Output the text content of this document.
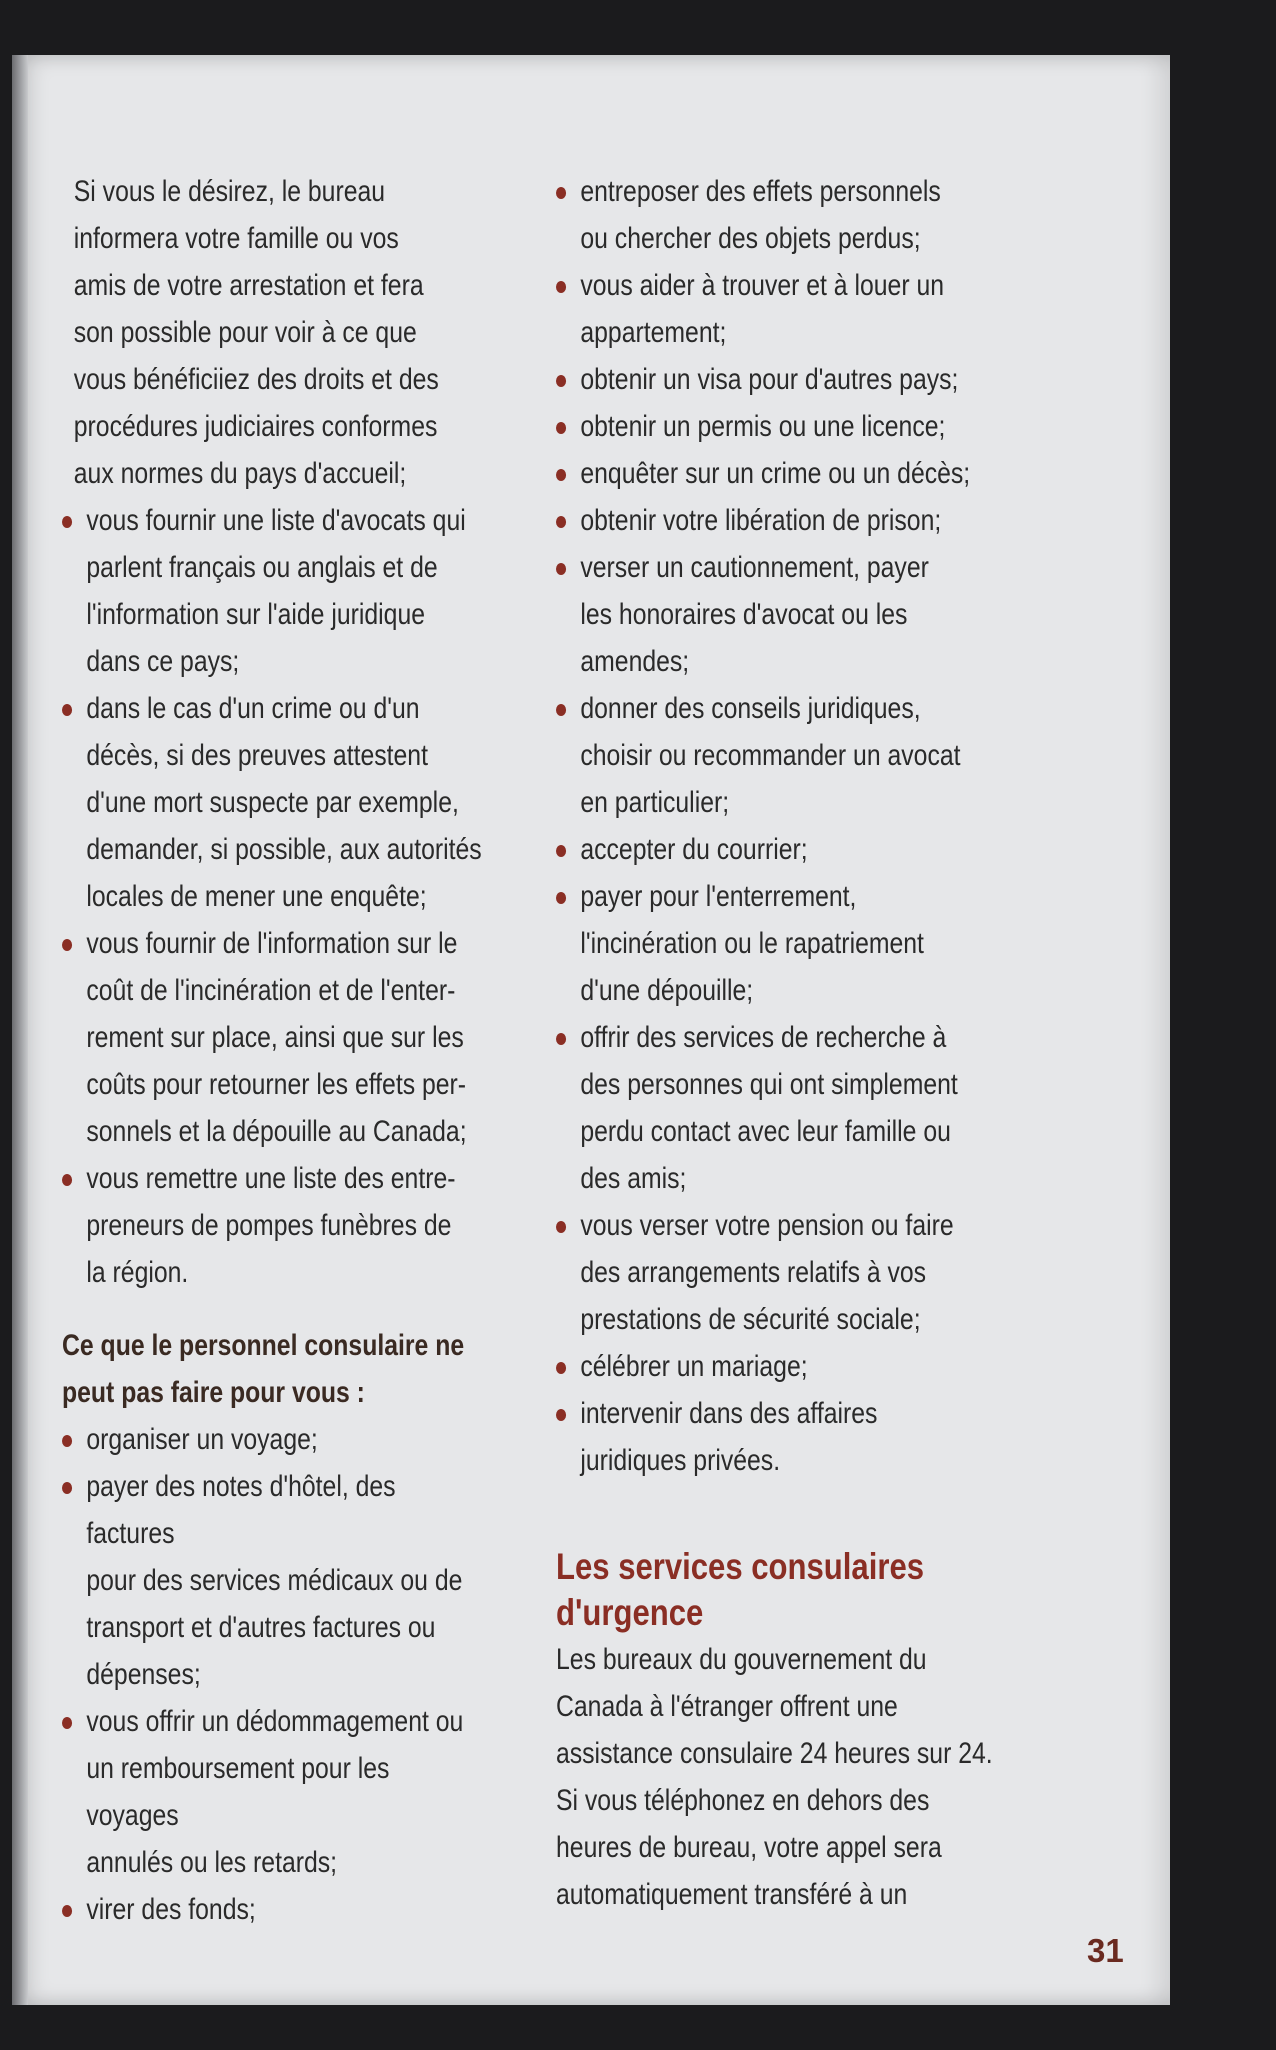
Si vous le désirez, le bureau
informera votre famille ou vos
amis de votre arrestation et fera
son possible pour voir à ce que
vous bénéficiiez des droits et des
procédures judiciaires conformes
aux normes du pays d'accueil;

vous fournir une liste d'avocats qui
parlent français ou anglais et de
l'information sur l'aide juridique
dans ce pays;
dans le cas d'un crime ou d'un
décès, si des preuves attestent
d'une mort suspecte par exemple,
demander, si possible, aux autorités
locales de mener une enquête;
vous fournir de l'information sur le
coût de l'incinération et de l'enter-
rement sur place, ainsi que sur les
coûts pour retourner les effets per-
sonnels et la dépouille au Canada;
vous remettre une liste des entre-
preneurs de pompes funèbres de
la région.

Ce que le personnel consulaire ne
peut pas faire pour vous :

organiser un voyage;
payer des notes d'hôtel, des factures
pour des services médicaux ou de
transport et d'autres factures ou
dépenses;
vous offrir un dédommagement ou
un remboursement pour les voyages
annulés ou les retards;
virer des fonds;
entreposer des effets personnels
ou chercher des objets perdus;
vous aider à trouver et à louer un
appartement;
obtenir un visa pour d'autres pays;
obtenir un permis ou une licence;
enquêter sur un crime ou un décès;
obtenir votre libération de prison;
verser un cautionnement, payer
les honoraires d'avocat ou les
amendes;
donner des conseils juridiques,
choisir ou recommander un avocat
en particulier;
accepter du courrier;
payer pour l'enterrement,
l'incinération ou le rapatriement
d'une dépouille;
offrir des services de recherche à
des personnes qui ont simplement
perdu contact avec leur famille ou
des amis;
vous verser votre pension ou faire
des arrangements relatifs à vos
prestations de sécurité sociale;
célébrer un mariage;
intervenir dans des affaires
juridiques privées.
Les services consulaires
d'urgence

Les bureaux du gouvernement du
Canada à l'étranger offrent une
assistance consulaire 24 heures sur 24.
Si vous téléphonez en dehors des
heures de bureau, votre appel sera
automatiquement transféré à un

31
